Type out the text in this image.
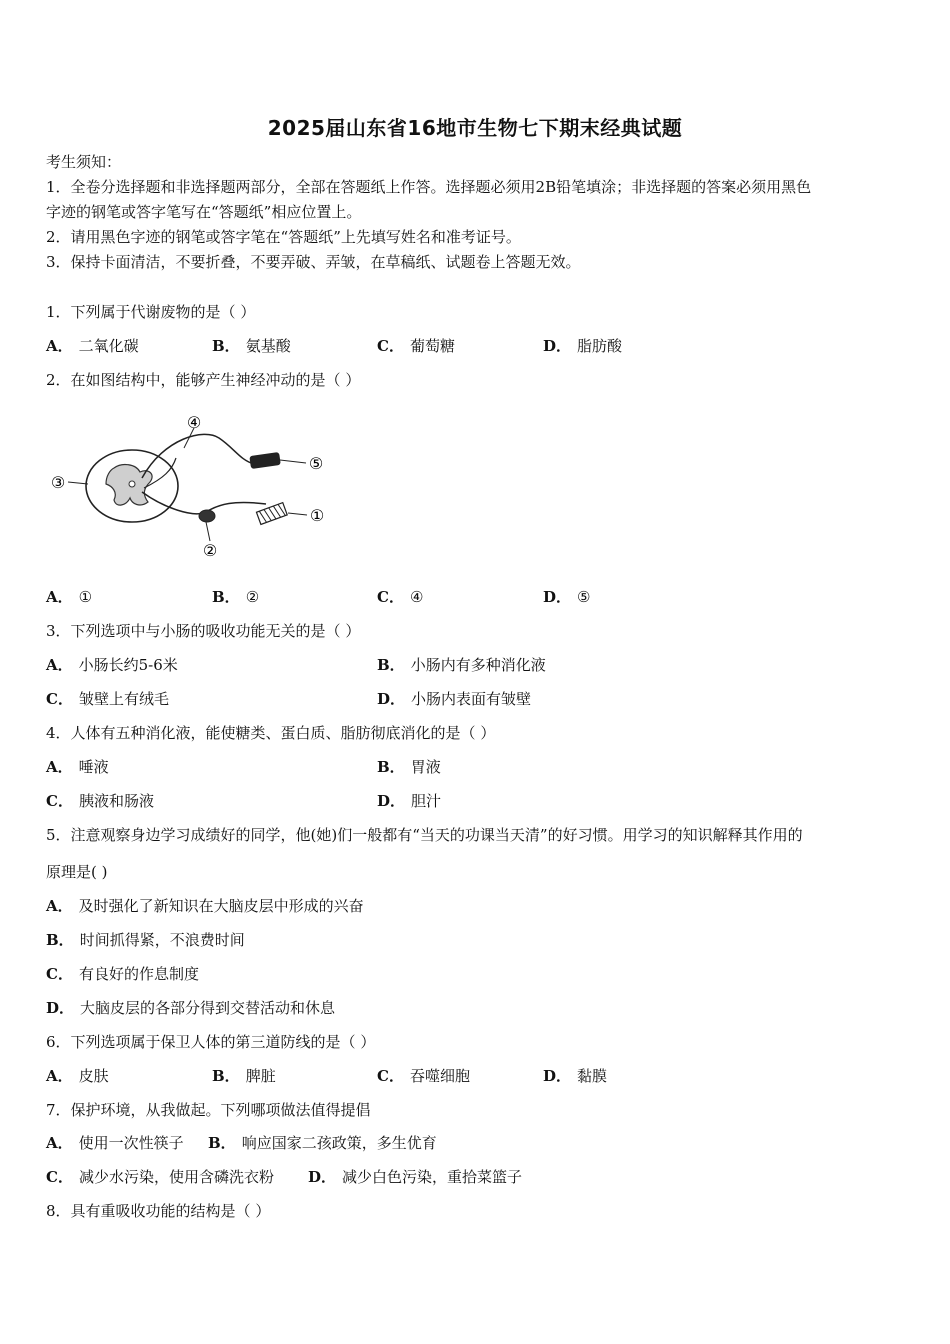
2025届山东省16地市生物七下期末经典试题
考生须知：
1．全卷分选择题和非选择题两部分，全部在答题纸上作答。选择题必须用2B铅笔填涂；非选择题的答案必须用黑色
字迹的钢笔或答字笔写在“答题纸”相应位置上。
2．请用黑色字迹的钢笔或答字笔在“答题纸”上先填写姓名和准考证号。
3．保持卡面清洁，不要折叠，不要弄破、弄皱，在草稿纸、试题卷上答题无效。
1．下列属于代谢废物的是（ ）
A． 二氧化碳	B． 氨基酸	C． 葡萄糖	D． 脂肪酸
2．在如图结构中，能够产生神经冲动的是（ ）
④
⑤
①
②
③
A． ①	B． ②	C． ④	D． ⑤
3．下列选项中与小肠的吸收功能无关的是（ ）
A． 小肠长约5-6米	B． 小肠内有多种消化液
C． 皱壁上有绒毛	D． 小肠内表面有皱壁
4．人体有五种消化液，能使糖类、蛋白质、脂肪彻底消化的是（ ）
A． 唾液	B． 胃液
C． 胰液和肠液	D． 胆汁
5．注意观察身边学习成绩好的同学，他(她)们一般都有“当天的功课当天清”的好习惯。用学习的知识解释其作用的
原理是( )
A． 及时强化了新知识在大脑皮层中形成的兴奋
B． 时间抓得紧，不浪费时间
C． 有良好的作息制度
D． 大脑皮层的各部分得到交替活动和休息
6．下列选项属于保卫人体的第三道防线的是（ ）
A． 皮肤	B． 脾脏	C． 吞噬细胞	D． 黏膜
7．保护环境，从我做起。下列哪项做法值得提倡
A． 使用一次性筷子 B． 响应国家二孩政策，多生优育
C． 减少水污染，使用含磷洗衣粉 D． 减少白色污染，重拾菜篮子
8．具有重吸收功能的结构是（ ）
